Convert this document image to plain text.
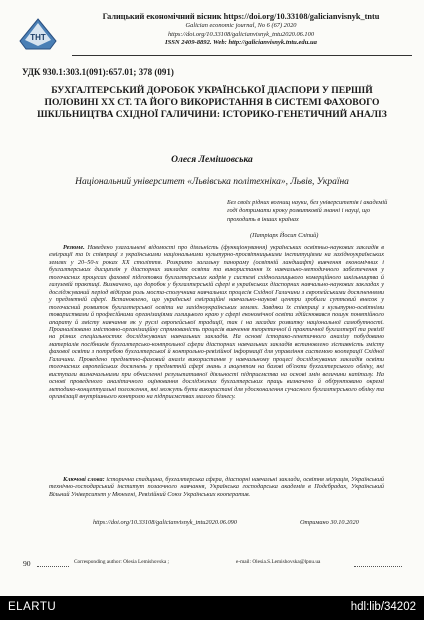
ТНТ
Галицький економічний вісник https://doi.org/10.33108/galicianvisnyk_tntu
Galician economic journal, No 6 (67) 2020
https://doi.org/10.33108/galicianvisnyk_tntu2020.06.100
ISSN 2409-8892. Web: http://galicianvisnyk.tntu.edu.ua
УДК 930.1:303.1(091):657.01; 378 (091)
БУХГАЛТЕРСЬКИЙ ДОРОБОК УКРАЇНСЬКОЇ ДІАСПОРИ У ПЕРШІЙ ПОЛОВИНІ ХХ СТ. ТА ЙОГО ВИКОРИСТАННЯ В СИСТЕМІ ФАХОВОГО ШКІЛЬНИЦТВА СХІДНОЇ ГАЛИЧИНИ: ІСТОРИКО-ГЕНЕТИЧНИЙ АНАЛІЗ
Олеся Лемішовська
Національний університет «Львівська політехніка», Львів, Україна
Без своїх рідних вогнищ науки, без університетів і академій годі дотримати кроку розвитковій знанні і науці, що проходить в інших країнах
(Патріарх Йосип Сліпий)
Резюме. Наведено узагальнені відомості про діяльність (функціонування) українських освітньо-наукових закладів в еміграції та їх співпраці з українськими національними культурно-просвітницькими інституціями на західноукраїнських землях у 20–50-х роках ХХ століття. Розкрито загальну панораму (освітній ландшафт) вивчення економічних і бухгалтерських дисциплін у діаспорних закладах освіти та використання їх навчально-методичного забезпечення у тогочасних процесах фахової підготовки бухгалтерських кадрів у системі східногалицького комерційного шкільництва й галузевій практиці. Визначено, що доробок у бухгалтерській сфері в українських діаспорних навчально-наукових закладах у досліджуваний період відіграв роль моста-сполучника навчальних процесів Східної Галичини з європейськими досягненнями у предметній сфері. Встановлено, що українські еміграційні навчально-наукові центри зробили суттєвий внесок у тогочасний розвиток бухгалтерської освіти на західноукраїнських землях. Завдяки їх співпраці з культурно-освітніми товариствами й професійними організаціями галицького краю у сфері економічної освіти здійснювався пошук понятійного апарату й змісту навчання як у руслі європейської традиції, так і на засадах розвитку національної самобутності. Проаналізовано змістовно-організаційну спрямованість процесів вивчення теоретичної й практичної бухгалтерії та ревізії на різних спеціальностях досліджуваних навчальних закладів. На основі історико-генетичного аналізу побудовано матеріалів посібників бухгалтерсько-контрольної сфери діаспорних навчальних закладів встановлено зіставність змісту фахової освіти з потребою бухгалтерської й контрольно-ревізійної інформації для управління системою кооперації Східної Галичини. Проведено предметно-фаховий аналіз використання у навчальному процесі досліджуваних закладів освіти тогочасних європейських досягнень у предметній сфері знань з акцентом на базові об'єкти бухгалтерського обліку, які виступали визначальними при обчисленні результативної діяльності підприємства на основі змін величини капіталу. На основі проведеного аналітичного оцінювання досліджених бухгалтерських праць визначено й обґрунтовано окремі методико-концептуальні положення, які можуть бути використані для удосконалення сучасного бухгалтерського обліку та організації внутрішнього контролю на підприємствах малого бізнесу.
Ключові слова: історична спадщина, бухгалтерська сфера, діаспорні навчальні заклади, освітня міграція, Український технічно-господарський інститут позаочного навчання, Українська господарська академія в Подєбрадах, Український Вільний Університет у Мюнхені, Ревізійний Союз Українських кооператив.
https://doi.org/10.33108/galicianvisnyk_tntu2020.06.090	Отримано 30.10.2020
90	Corresponding author: Olesia Lemishovska ;	e-mail: Olesia.S.Lemishovska@lpnu.ua
ELARTU	hdl:lib/34202
